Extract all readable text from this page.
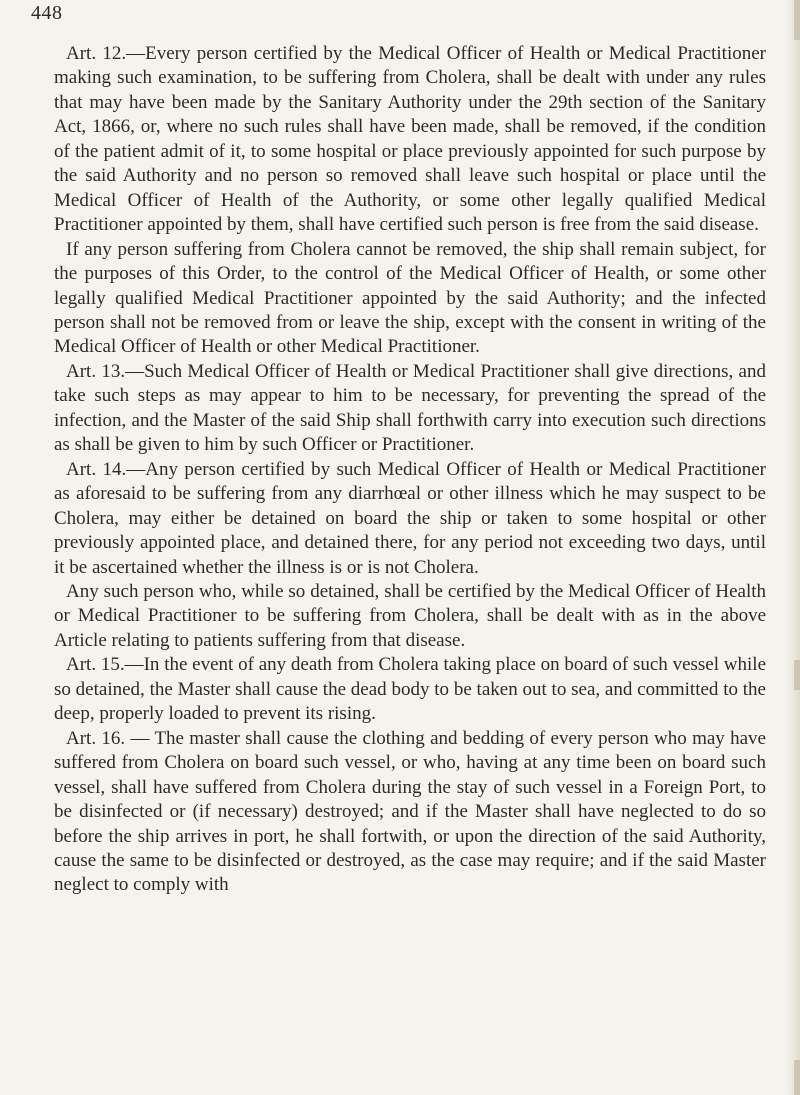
448

Art. 12.—Every person certified by the Medical Officer of Health or Medical Practitioner making such examination, to be suffering from Cholera, shall be dealt with under any rules that may have been made by the Sanitary Authority under the 29th section of the Sanitary Act, 1866, or, where no such rules shall have been made, shall be removed, if the condition of the patient admit of it, to some hospital or place previously appointed for such purpose by the said Authority and no person so removed shall leave such hospital or place until the Medical Officer of Health of the Authority, or some other legally qualified Medical Practitioner appointed by them, shall have certified such person is free from the said disease.

If any person suffering from Cholera cannot be removed, the ship shall remain subject, for the purposes of this Order, to the control of the Medical Officer of Health, or some other legally qualified Medical Practitioner appointed by the said Authority; and the infected person shall not be removed from or leave the ship, except with the consent in writing of the Medical Officer of Health or other Medical Practitioner.

Art. 13.—Such Medical Officer of Health or Medical Practitioner shall give directions, and take such steps as may appear to him to be necessary, for preventing the spread of the infection, and the Master of the said Ship shall forthwith carry into execution such directions as shall be given to him by such Officer or Practitioner.

Art. 14.—Any person certified by such Medical Officer of Health or Medical Practitioner as aforesaid to be suffering from any diarrhœal or other illness which he may suspect to be Cholera, may either be detained on board the ship or taken to some hospital or other previously appointed place, and detained there, for any period not exceeding two days, until it be ascertained whether the illness is or is not Cholera.

Any such person who, while so detained, shall be certified by the Medical Officer of Health or Medical Practitioner to be suffering from Cholera, shall be dealt with as in the above Article relating to patients suffering from that disease.

Art. 15.—In the event of any death from Cholera taking place on board of such vessel while so detained, the Master shall cause the dead body to be taken out to sea, and committed to the deep, properly loaded to prevent its rising.

Art. 16. — The master shall cause the clothing and bedding of every person who may have suffered from Cholera on board such vessel, or who, having at any time been on board such vessel, shall have suffered from Cholera during the stay of such vessel in a Foreign Port, to be disinfected or (if necessary) destroyed; and if the Master shall have neglected to do so before the ship arrives in port, he shall fortwith, or upon the direction of the said Authority, cause the same to be disinfected or destroyed, as the case may require; and if the said Master neglect to comply with
